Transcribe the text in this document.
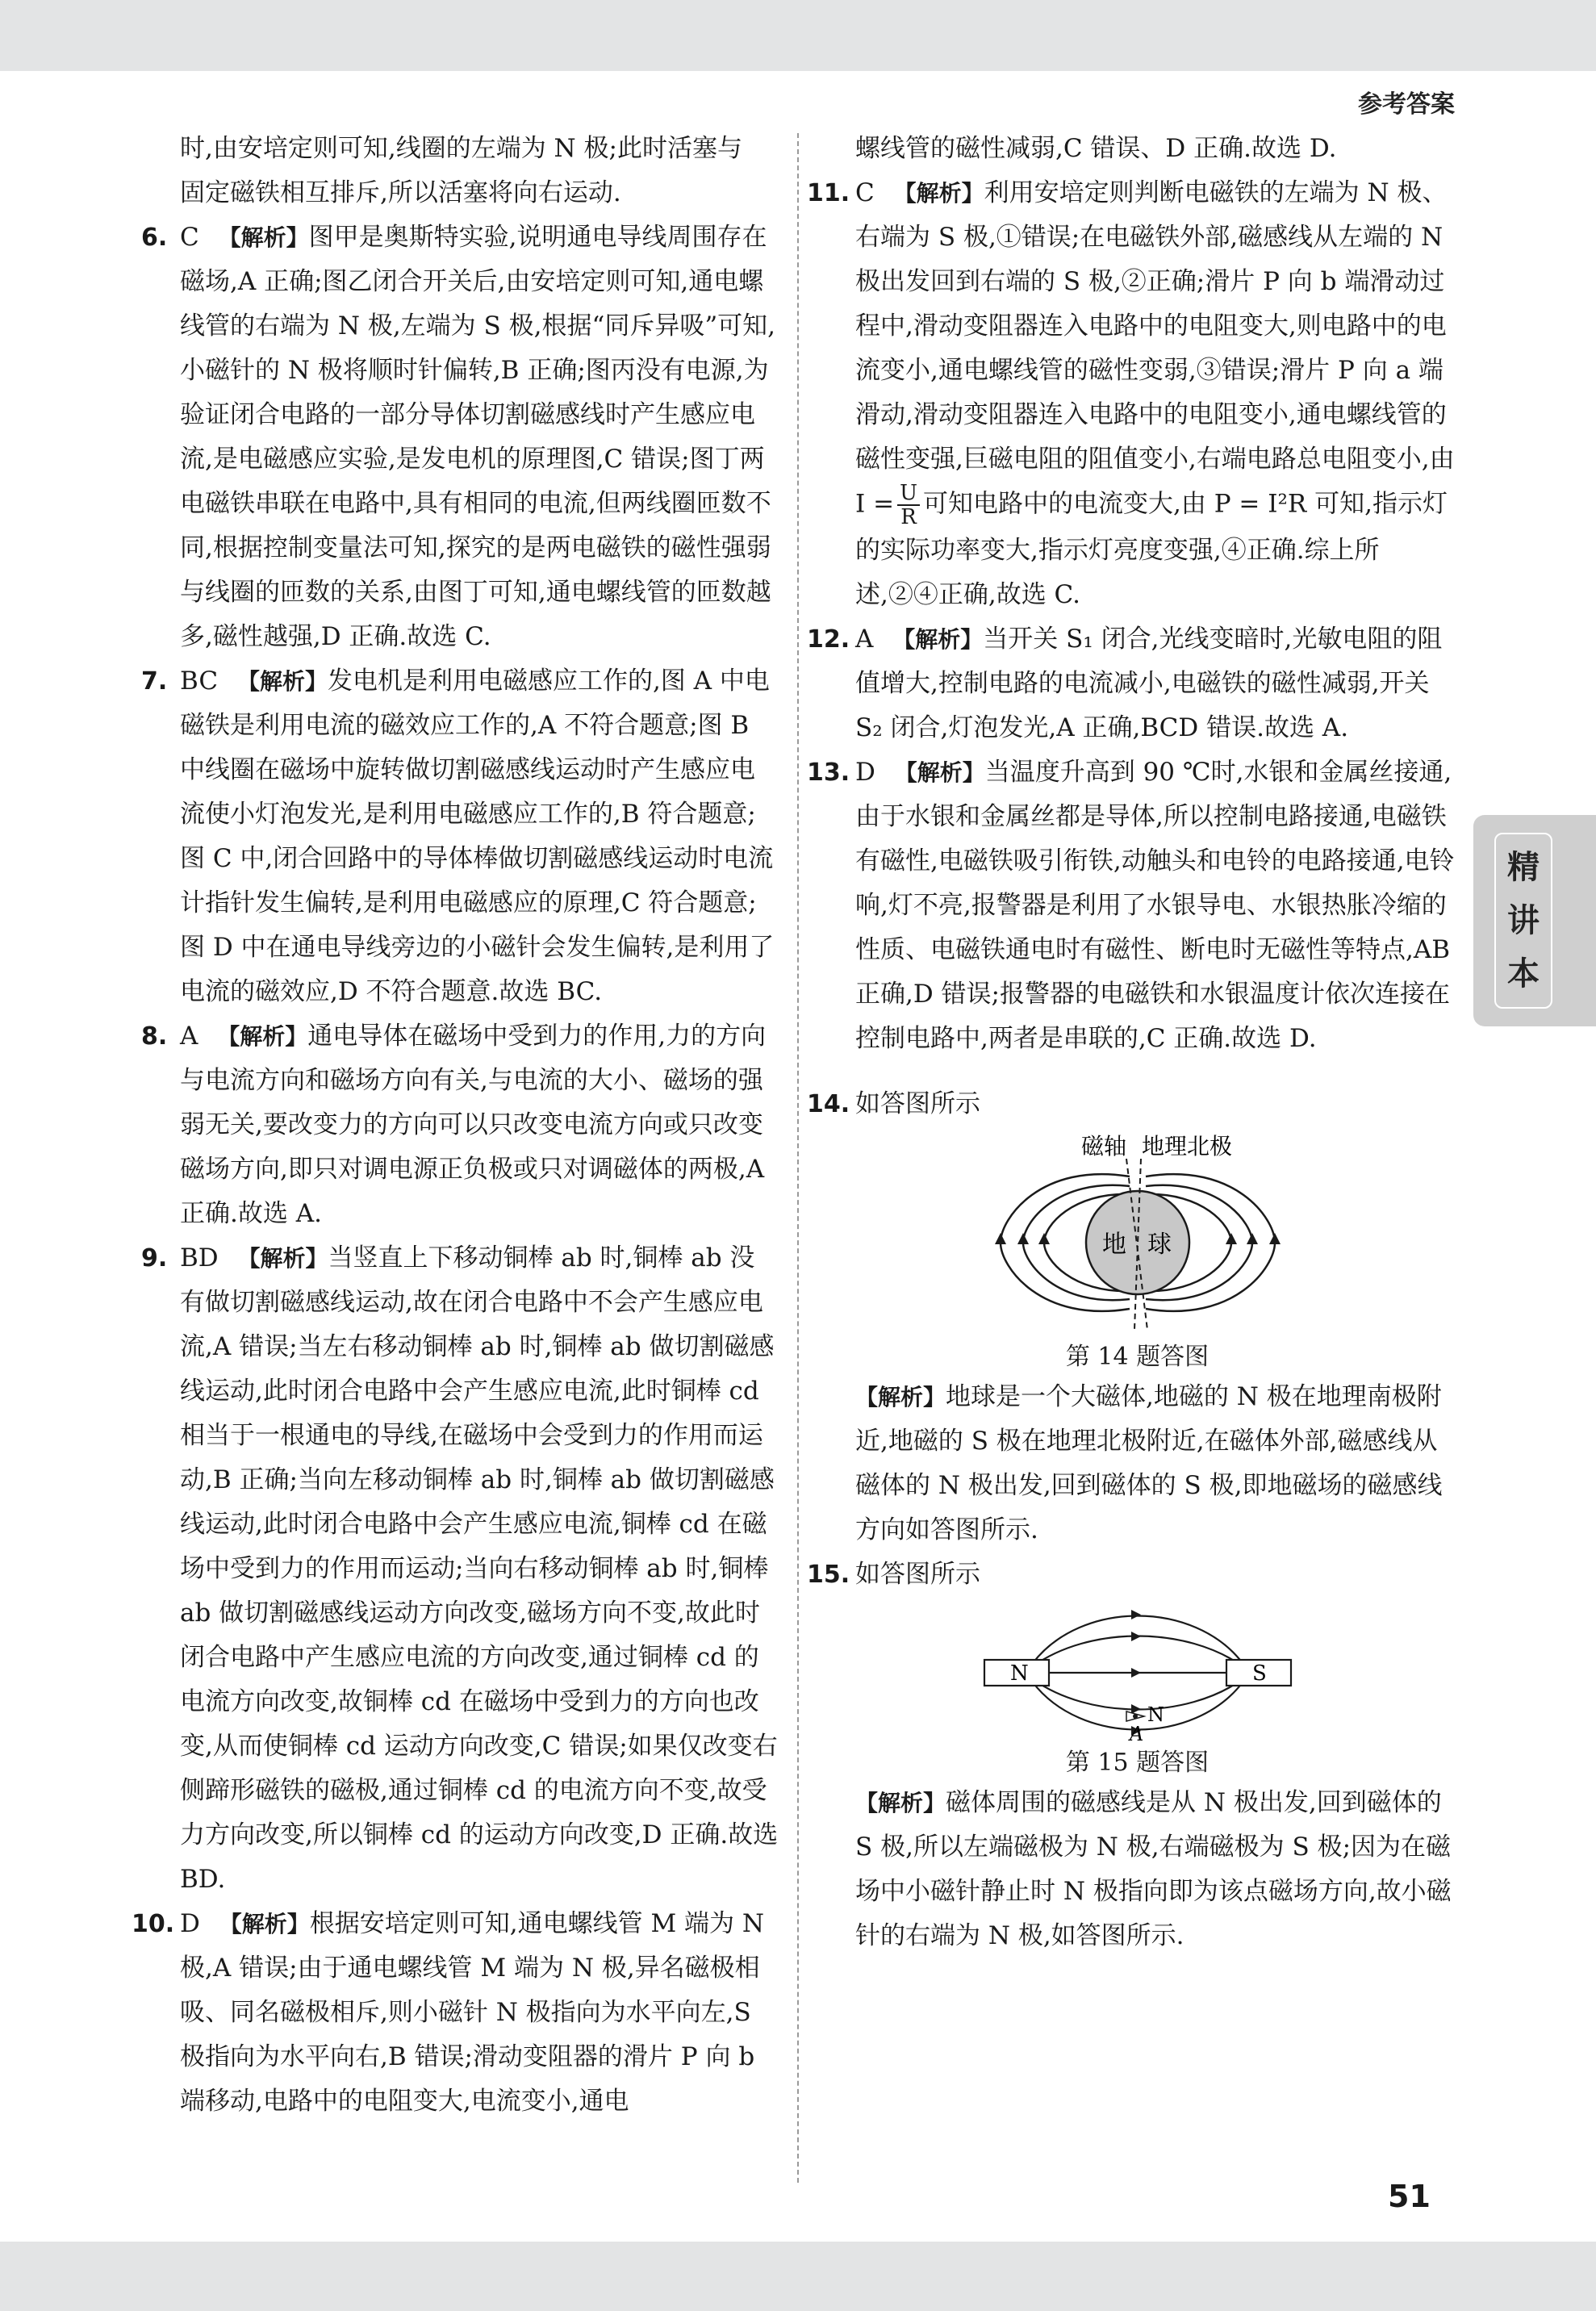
参考答案

时,由安培定则可知,线圈的左端为 N 极;此时活塞与

固定磁铁相互排斥,所以活塞将向右运动.

6. C 【解析】图甲是奥斯特实验,说明通电导线周围存在磁场,A 正确;图乙闭合开关后,由安培定则可知,通电螺线管的右端为 N 极,左端为 S 极,根据“同斥异吸”可知,小磁针的 N 极将顺时针偏转,B 正确;图丙没有电源,为验证闭合电路的一部分导体切割磁感线时产生感应电流,是电磁感应实验,是发电机的原理图,C 错误;图丁两电磁铁串联在电路中,具有相同的电流,但两线圈匝数不同,根据控制变量法可知,探究的是两电磁铁的磁性强弱与线圈的匝数的关系,由图丁可知,通电螺线管的匝数越多,磁性越强,D 正确.故选 C.

7. BC 【解析】发电机是利用电磁感应工作的,图 A 中电磁铁是利用电流的磁效应工作的,A 不符合题意;图 B 中线圈在磁场中旋转做切割磁感线运动时产生感应电流使小灯泡发光,是利用电磁感应工作的,B 符合题意;图 C 中,闭合回路中的导体棒做切割磁感线运动时电流计指针发生偏转,是利用电磁感应的原理,C 符合题意;图 D 中在通电导线旁边的小磁针会发生偏转,是利用了电流的磁效应,D 不符合题意.故选 BC.

8. A 【解析】通电导体在磁场中受到力的作用,力的方向与电流方向和磁场方向有关,与电流的大小、磁场的强弱无关,要改变力的方向可以只改变电流方向或只改变磁场方向,即只对调电源正负极或只对调磁体的两极,A 正确.故选 A.

9. BD 【解析】当竖直上下移动铜棒 ab 时,铜棒 ab 没有做切割磁感线运动,故在闭合电路中不会产生感应电流,A 错误;当左右移动铜棒 ab 时,铜棒 ab 做切割磁感线运动,此时闭合电路中会产生感应电流,此时铜棒 cd 相当于一根通电的导线,在磁场中会受到力的作用而运动,B 正确;当向左移动铜棒 ab 时,铜棒 ab 做切割磁感线运动,此时闭合电路中会产生感应电流,铜棒 cd 在磁场中受到力的作用而运动;当向右移动铜棒 ab 时,铜棒 ab 做切割磁感线运动方向改变,磁场方向不变,故此时闭合电路中产生感应电流的方向改变,通过铜棒 cd 的电流方向改变,故铜棒 cd 在磁场中受到力的方向也改变,从而使铜棒 cd 运动方向改变,C 错误;如果仅改变右侧蹄形磁铁的磁极,通过铜棒 cd 的电流方向不变,故受力方向改变,所以铜棒 cd 的运动方向改变,D 正确.故选 BD.

10. D 【解析】根据安培定则可知,通电螺线管 M 端为 N 极,A 错误;由于通电螺线管 M 端为 N 极,异名磁极相吸、同名磁极相斥,则小磁针 N 极指向为水平向左,S 极指向为水平向右,B 错误;滑动变阻器的滑片 P 向 b 端移动,电路中的电阻变大,电流变小,通电

螺线管的磁性减弱,C 错误、D 正确.故选 D.

11. C 【解析】利用安培定则判断电磁铁的左端为 N 极、右端为 S 极,①错误;在电磁铁外部,磁感线从左端的 N 极出发回到右端的 S 极,②正确;滑片 P 向 b 端滑动过程中,滑动变阻器连入电路中的电阻变大,则电路中的电流变小,通电螺线管的磁性变弱,③错误;滑片 P 向 a 端滑动,滑动变阻器连入电路中的电阻变小,通电螺线管的磁性变强,巨磁电阻的阻值变小,右端电路总电阻变小,由 $I = \frac{U}{R}$ 可知电路中的电流变大,由 P = I²R 可知,指示灯的实际功率变大,指示灯亮度变强,④正确.综上所述,②④正确,故选 C.

12. A 【解析】当开关 S₁ 闭合,光线变暗时,光敏电阻的阻值增大,控制电路的电流减小,电磁铁的磁性减弱,开关 S₂ 闭合,灯泡发光,A 正确,BCD 错误.故选 A.

13. D 【解析】当温度升高到 90 ℃时,水银和金属丝接通,由于水银和金属丝都是导体,所以控制电路接通,电磁铁有磁性,电磁铁吸引衔铁,动触头和电铃的电路接通,电铃响,灯不亮,报警器是利用了水银导电、水银热胀冷缩的性质、电磁铁通电时有磁性、断电时无磁性等特点,AB 正确,D 错误;报警器的电磁铁和水银温度计依次连接在控制电路中,两者是串联的,C 正确.故选 D.

14. 如答图所示

磁轴 地理北极
地 球
第 14 题答图

【解析】地球是一个大磁体,地磁的 N 极在地理南极附近,地磁的 S 极在地理北极附近,在磁体外部,磁感线从磁体的 N 极出发,回到磁体的 S 极,即地磁场的磁感线方向如答图所示.

15. 如答图所示

N	S
N
A
第 15 题答图

【解析】磁体周围的磁感线是从 N 极出发,回到磁体的 S 极,所以左端磁极为 N 极,右端磁极为 S 极;因为在磁场中小磁针静止时 N 极指向即为该点磁场方向,故小磁针的右端为 N 极,如答图所示.

精讲本
51
